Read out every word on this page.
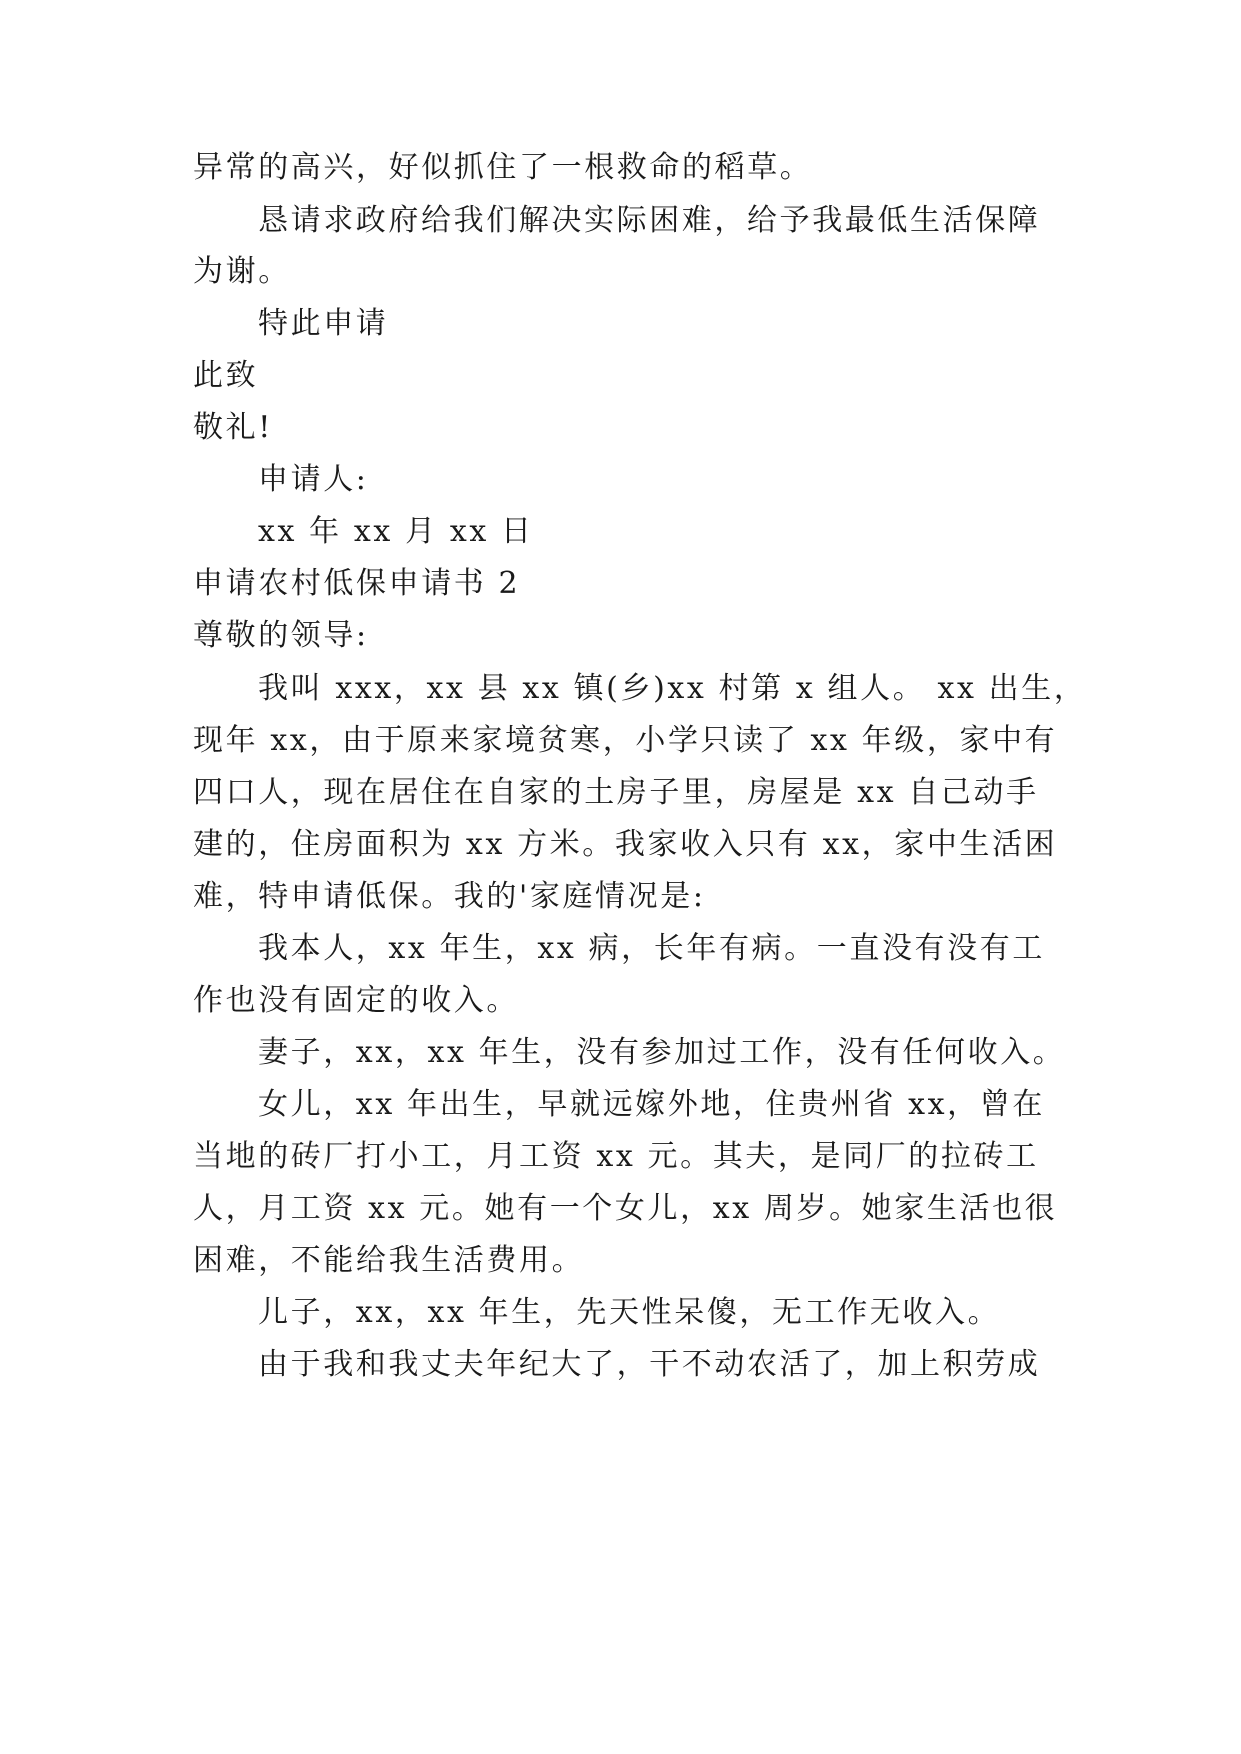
异常的高兴，好似抓住了一根救命的稻草。
恳请求政府给我们解决实际困难，给予我最低生活保障
为谢。
特此申请
此致
敬礼!
申请人:
xx 年 xx 月 xx 日
申请农村低保申请书 2
尊敬的领导:
我叫 xxx，xx 县 xx 镇(乡)xx 村第 x 组人。 xx 出生，
现年 xx，由于原来家境贫寒，小学只读了 xx 年级，家中有
四口人，现在居住在自家的土房子里，房屋是 xx 自己动手
建的，住房面积为 xx 方米。我家收入只有 xx，家中生活困
难，特申请低保。我的'家庭情况是:
我本人，xx 年生，xx 病，长年有病。一直没有没有工
作也没有固定的收入。
妻子，xx，xx 年生，没有参加过工作，没有任何收入。
女儿，xx 年出生，早就远嫁外地，住贵州省 xx，曾在
当地的砖厂打小工，月工资 xx 元。其夫，是同厂的拉砖工
人，月工资 xx 元。她有一个女儿，xx 周岁。她家生活也很
困难，不能给我生活费用。
儿子，xx，xx 年生，先天性呆傻，无工作无收入。
由于我和我丈夫年纪大了，干不动农活了，加上积劳成
